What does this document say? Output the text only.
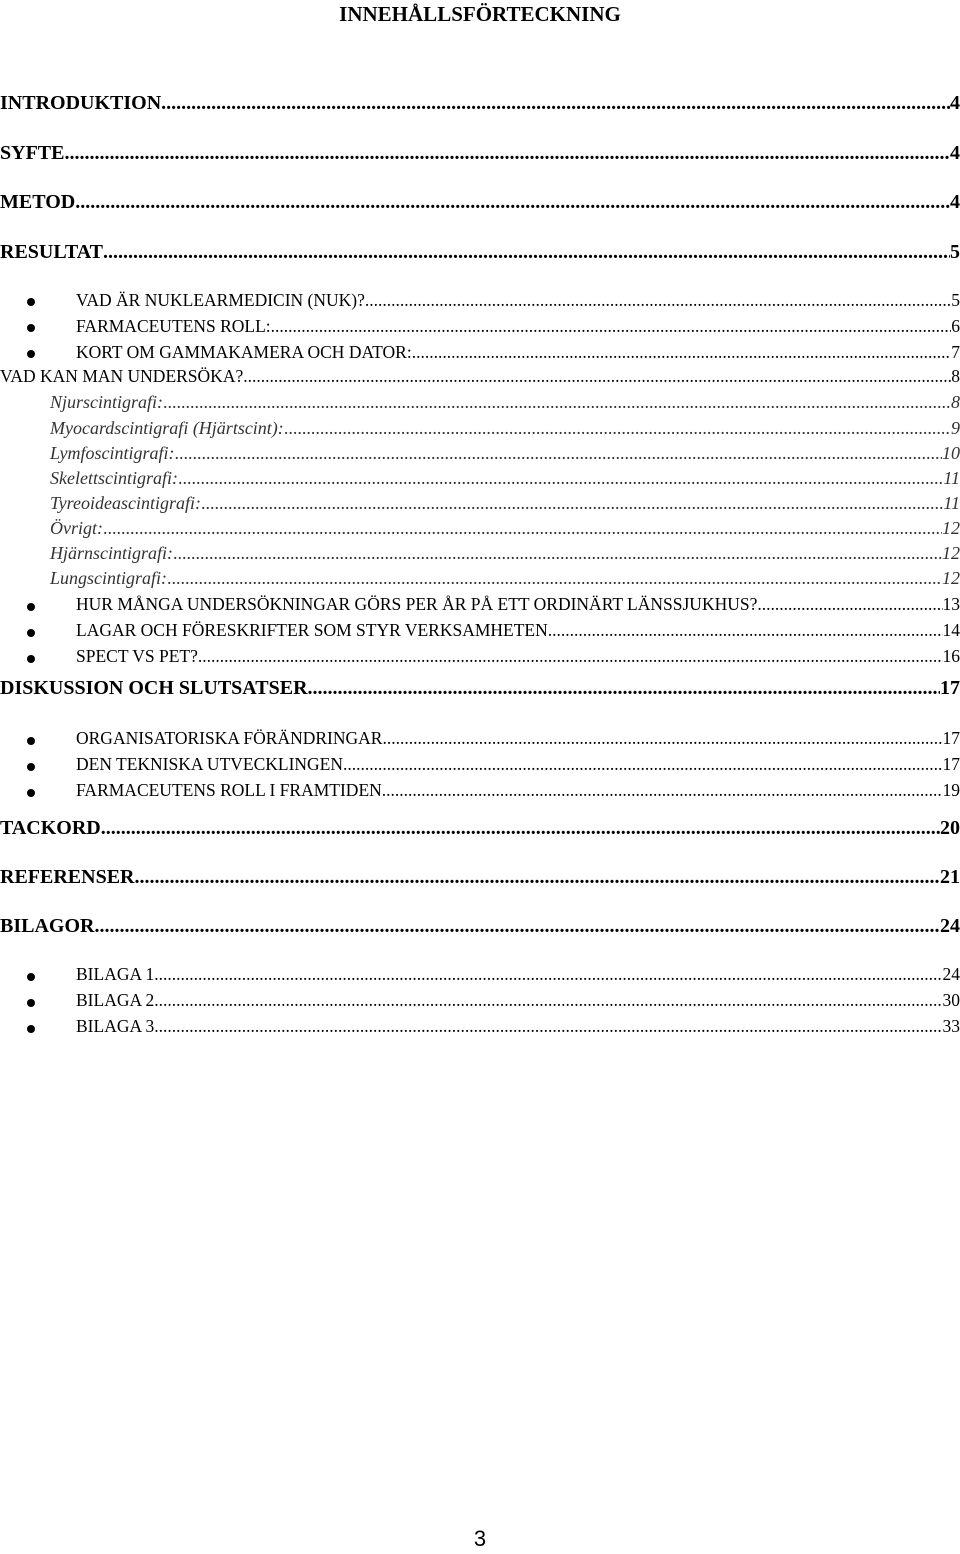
INNEHÅLLSFÖRTECKNING
INTRODUKTION .....	4
SYFTE .....	4
METOD .....	4
RESULTAT .....	5
VAD ÄR NUKLEARMEDICIN (NUK)? .....	5
FARMACEUTENS ROLL: .....	6
KORT OM GAMMAKAMERA OCH DATOR: .....	7
VAD KAN MAN UNDERSÖKA? .....	8
Njurscintigrafi: .....	8
Myocardscintigrafi (Hjärtscint): .....	9
Lymfoscintigrafi: .....	10
Skelettscintigrafi: .....	11
Tyreoideascintigrafi: .....	11
Övrigt: .....	12
Hjärnscintigrafi: .....	12
Lungscintigrafi: .....	12
HUR MÅNGA UNDERSÖKNINGAR GÖRS PER ÅR PÅ ETT ORDINÄRT LÄNSSJUKHUS? .....	13
LAGAR OCH FÖRESKRIFTER SOM STYR VERKSAMHETEN .....	14
SPECT VS PET? .....	16
DISKUSSION OCH SLUTSATSER .....	17
ORGANISATORISKA FÖRÄNDRINGAR .....	17
DEN TEKNISKA UTVECKLINGEN .....	17
FARMACEUTENS ROLL I FRAMTIDEN .....	19
TACKORD .....	20
REFERENSER .....	21
BILAGOR .....	24
BILAGA 1 .....	24
BILAGA 2. .....	30
BILAGA 3 .....	33
3
